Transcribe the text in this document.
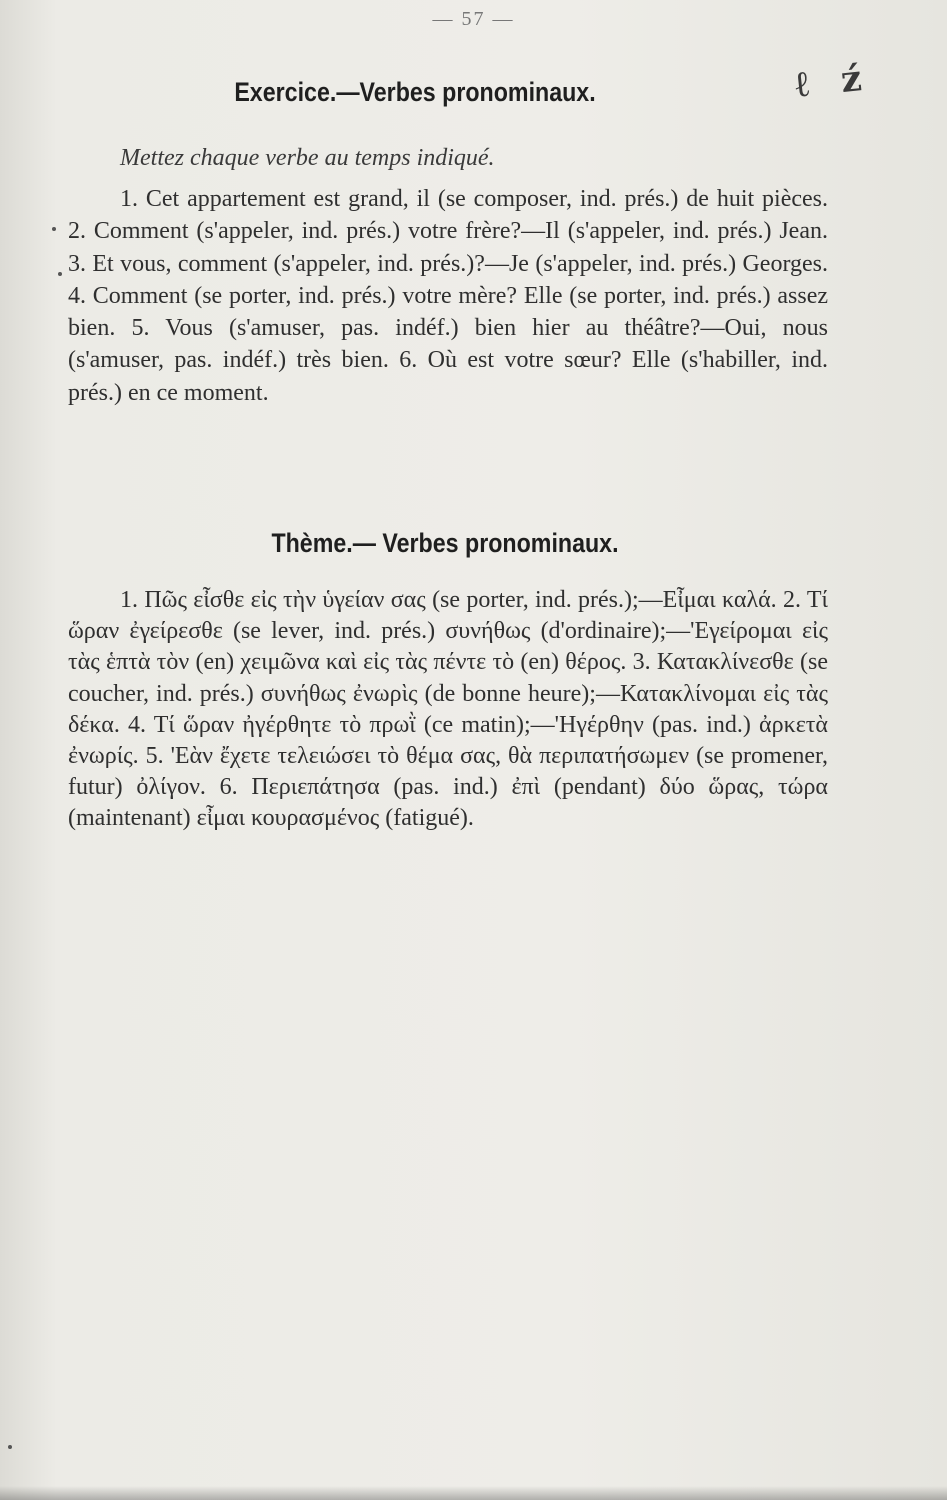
— 57 —
ℓ ź
Exercice.—Verbes pronominaux.
Mettez chaque verbe au temps indiqué.
1. Cet appartement est grand, il (se composer, ind. prés.) de huit pièces. 2. Comment (s'appeler, ind. prés.) votre frère?—Il (s'appeler, ind. prés.) Jean. 3. Et vous, comment (s'appeler, ind. prés.)?—Je (s'appeler, ind. prés.) Georges. 4. Comment (se porter, ind. prés.) votre mère? Elle (se porter, ind. prés.) assez bien. 5. Vous (s'amuser, pas. indéf.) bien hier au théâtre?—Oui, nous (s'amuser, pas. indéf.) très bien. 6. Où est votre sœur? Elle (s'habiller, ind. prés.) en ce moment.
Thème.— Verbes pronominaux.
1. Πῶς εἶσθε εἰς τὴν ὑγείαν σας (se porter, ind. prés.);—Εἶμαι καλά. 2. Τί ὥραν ἐγείρεσθε (se lever, ind. prés.) συνήθως (d'ordinaire);—'Εγείρομαι εἰς τὰς ἑπτὰ τὸν (en) χειμῶνα καὶ εἰς τὰς πέντε τὸ (en) θέρος. 3. Κατακλίνεσθε (se coucher, ind. prés.) συνήθως ἐνωρὶς (de bonne heure);—Κατακλίνομαι εἰς τὰς δέκα. 4. Τί ὥραν ἠγέρθητε τὸ πρωῒ (ce matin);—'Ηγέρθην (pas. ind.) ἀρκετὰ ἐνωρίς. 5. 'Εὰν ἔχετε τελειώσει τὸ θέμα σας, θὰ περιπατήσωμεν (se promener, futur) ὀλίγον. 6. Περιεπάτησα (pas. ind.) ἐπὶ (pendant) δύο ὥρας, τώρα (maintenant) εἶμαι κουρασμένος (fatigué).
